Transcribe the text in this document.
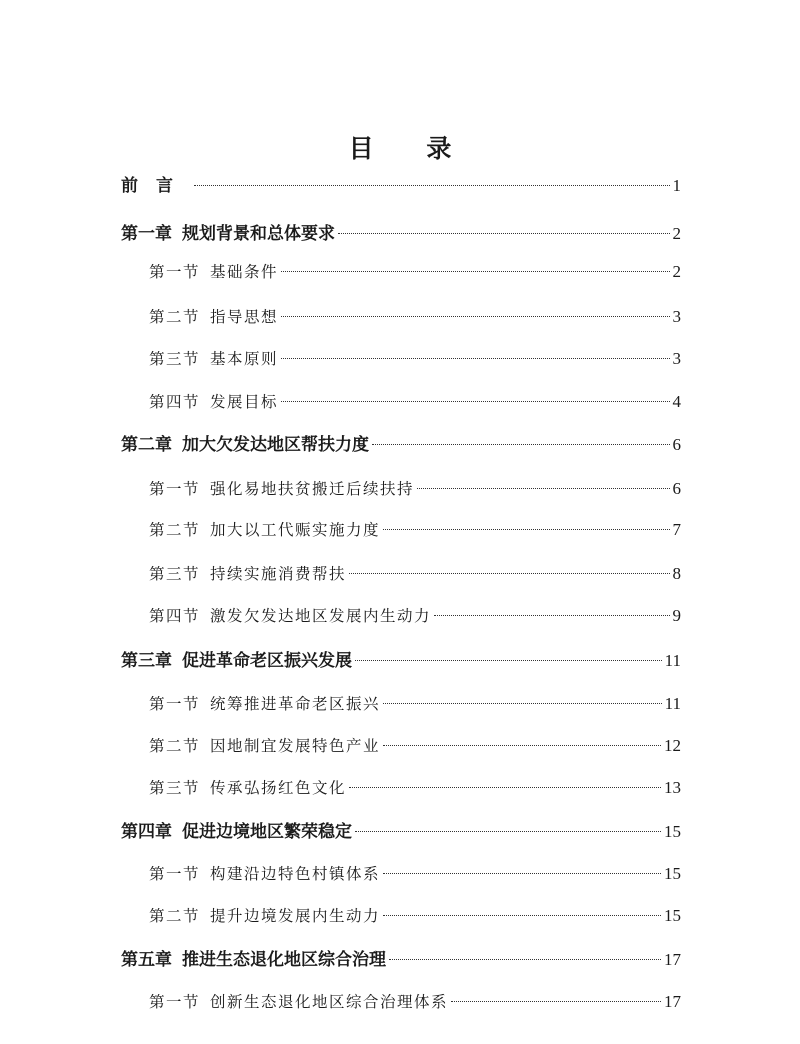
目 录
前言	1
第一章 规划背景和总体要求	2
第一节 基础条件	2
第二节 指导思想	3
第三节 基本原则	3
第四节 发展目标	4
第二章 加大欠发达地区帮扶力度	6
第一节 强化易地扶贫搬迁后续扶持	6
第二节 加大以工代赈实施力度	7
第三节 持续实施消费帮扶	8
第四节 激发欠发达地区发展内生动力	9
第三章 促进革命老区振兴发展	11
第一节 统筹推进革命老区振兴	11
第二节 因地制宜发展特色产业	12
第三节 传承弘扬红色文化	13
第四章 促进边境地区繁荣稳定	15
第一节 构建沿边特色村镇体系	15
第二节 提升边境发展内生动力	15
第五章 推进生态退化地区综合治理	17
第一节 创新生态退化地区综合治理体系	17
